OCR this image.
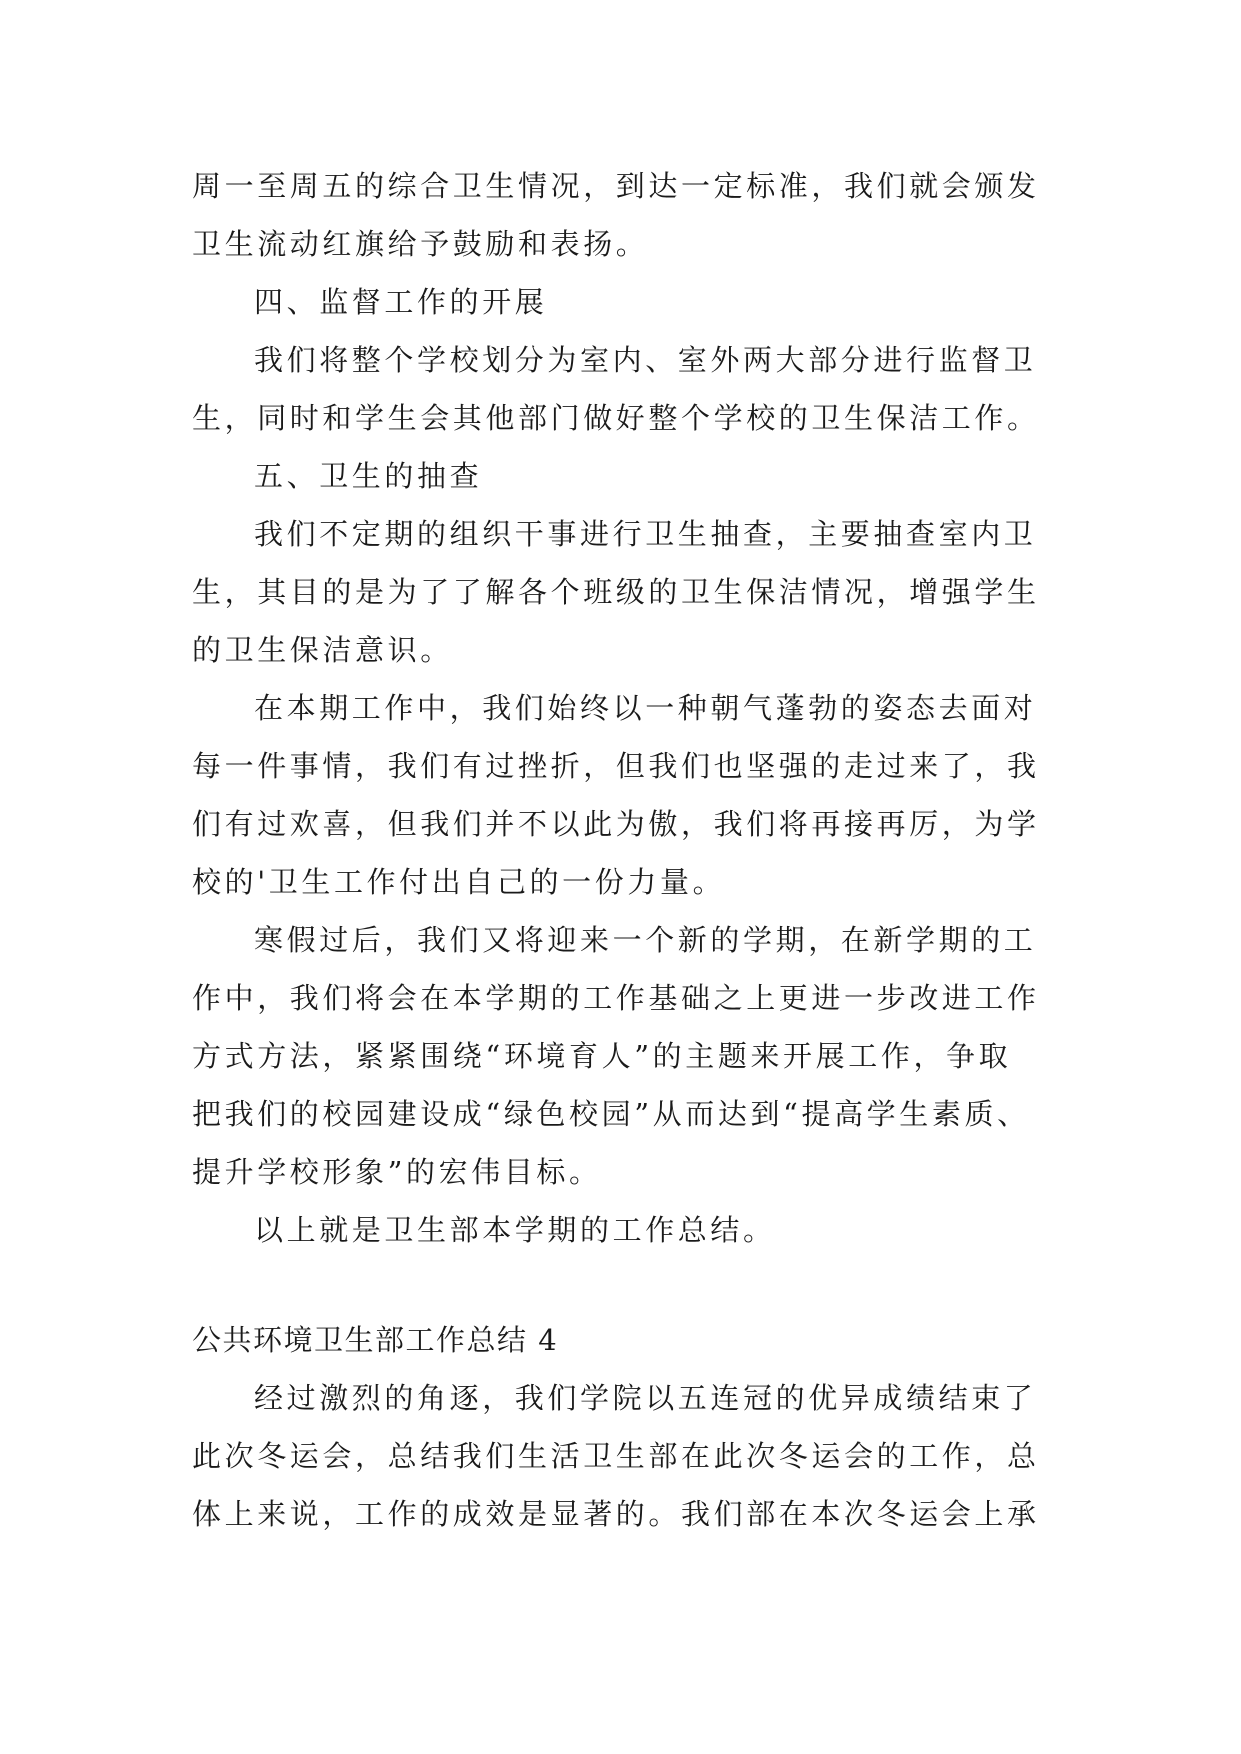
周一至周五的综合卫生情况，到达一定标准，我们就会颁发
卫生流动红旗给予鼓励和表扬。
四、监督工作的开展
我们将整个学校划分为室内、室外两大部分进行监督卫
生，同时和学生会其他部门做好整个学校的卫生保洁工作。
五、卫生的抽查
我们不定期的组织干事进行卫生抽查，主要抽查室内卫
生，其目的是为了了解各个班级的卫生保洁情况，增强学生
的卫生保洁意识。
在本期工作中，我们始终以一种朝气蓬勃的姿态去面对
每一件事情，我们有过挫折，但我们也坚强的走过来了，我
们有过欢喜，但我们并不以此为傲，我们将再接再厉，为学
校的'卫生工作付出自己的一份力量。
寒假过后，我们又将迎来一个新的学期，在新学期的工
作中，我们将会在本学期的工作基础之上更进一步改进工作
方式方法，紧紧围绕“环境育人”的主题来开展工作，争取
把我们的校园建设成“绿色校园”从而达到“提高学生素质、
提升学校形象”的宏伟目标。
以上就是卫生部本学期的工作总结。
公共环境卫生部工作总结 4
经过激烈的角逐，我们学院以五连冠的优异成绩结束了
此次冬运会，总结我们生活卫生部在此次冬运会的工作，总
体上来说，工作的成效是显著的。我们部在本次冬运会上承
